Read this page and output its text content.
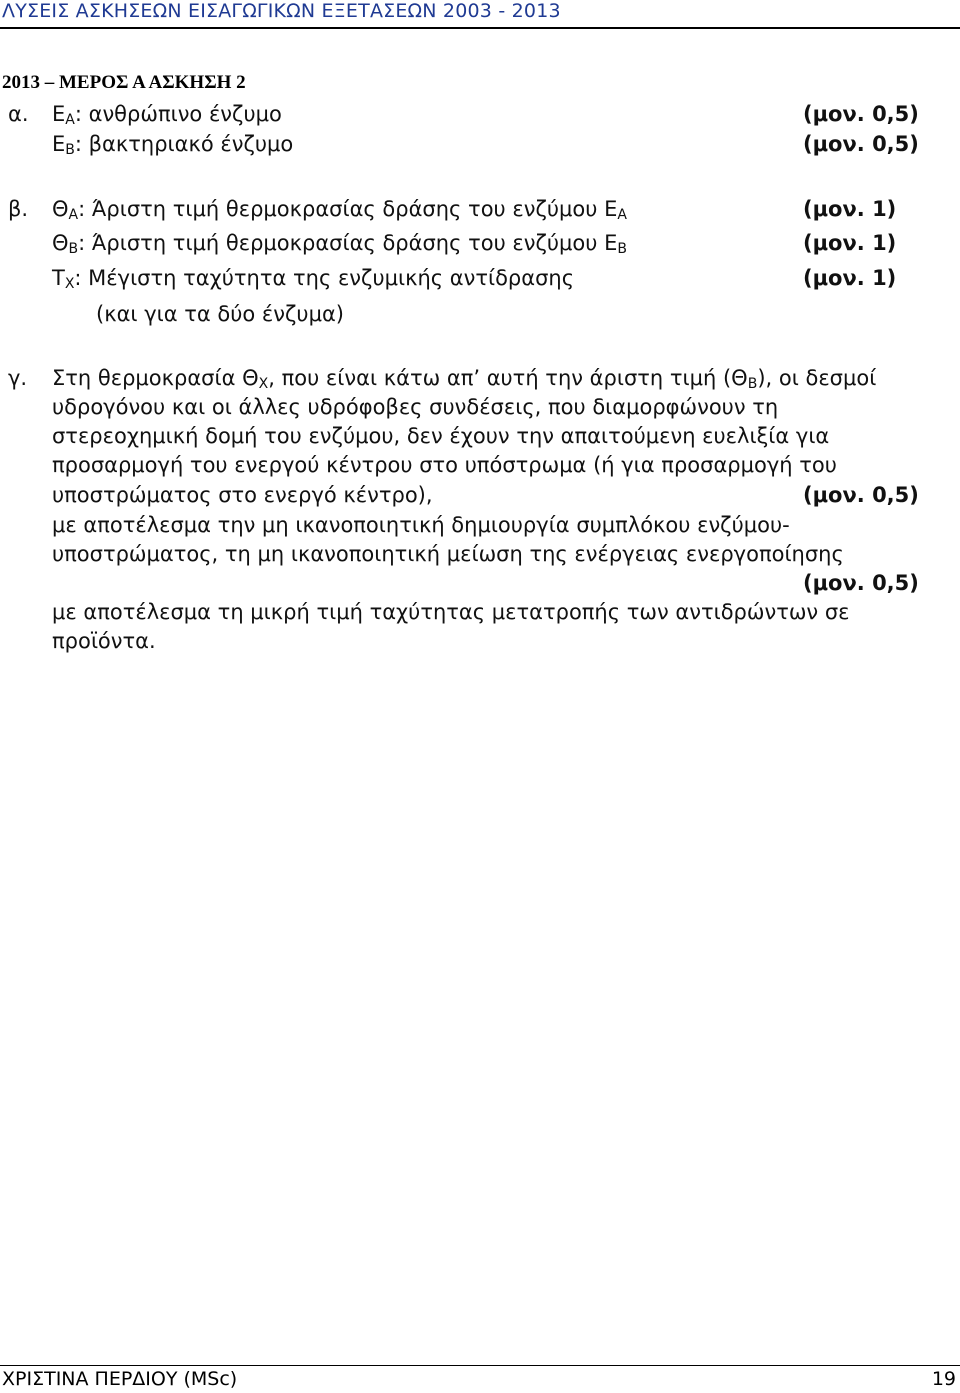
ΛΥΣΕΙΣ ΑΣΚΗΣΕΩΝ ΕΙΣΑΓΩΓΙΚΩΝ ΕΞΕΤΑΣΕΩΝ 2003 - 2013
2013 – ΜΕΡΟΣ Α ΑΣΚΗΣΗ 2
α. $E_A$: ανθρώπινο ένζυμο	(μον. 0,5)
$E_B$: βακτηριακό ένζυμο	(μον. 0,5)
β. $\Theta_A$: Άριστη τιμή θερμοκρασίας δράσης του ενζύμου $E_A$	(μον. 1)
$\Theta_B$: Άριστη τιμή θερμοκρασίας δράσης του ενζύμου $E_B$	(μον. 1)
$T_X$: Μέγιστη ταχύτητα της ενζυμικής αντίδρασης	(μον. 1)
(και για τα δύο ένζυμα)
γ. Στη θερμοκρασία $\Theta_X$, που είναι κάτω απ’ αυτή την άριστη τιμή $(\Theta_B)$, οι δεσμοί
υδρογόνου και οι άλλες υδρόφοβες συνδέσεις, που διαμορφώνουν τη
στερεοχημική δομή του ενζύμου, δεν έχουν την απαιτούμενη ευελιξία για
προσαρμογή του ενεργού κέντρου στο υπόστρωμα (ή για προσαρμογή του
υποστρώματος στο ενεργό κέντρο),	(μον. 0,5)
με αποτέλεσμα την μη ικανοποιητική δημιουργία συμπλόκου ενζύμου-
υποστρώματος, τη μη ικανοποιητική μείωση της ενέργειας ενεργοποίησης
(μον. 0,5)
με αποτέλεσμα τη μικρή τιμή ταχύτητας μετατροπής των αντιδρώντων σε
προϊόντα.
ΧΡΙΣΤΙΝΑ ΠΕΡΔΙΟΥ (MSc)	19
